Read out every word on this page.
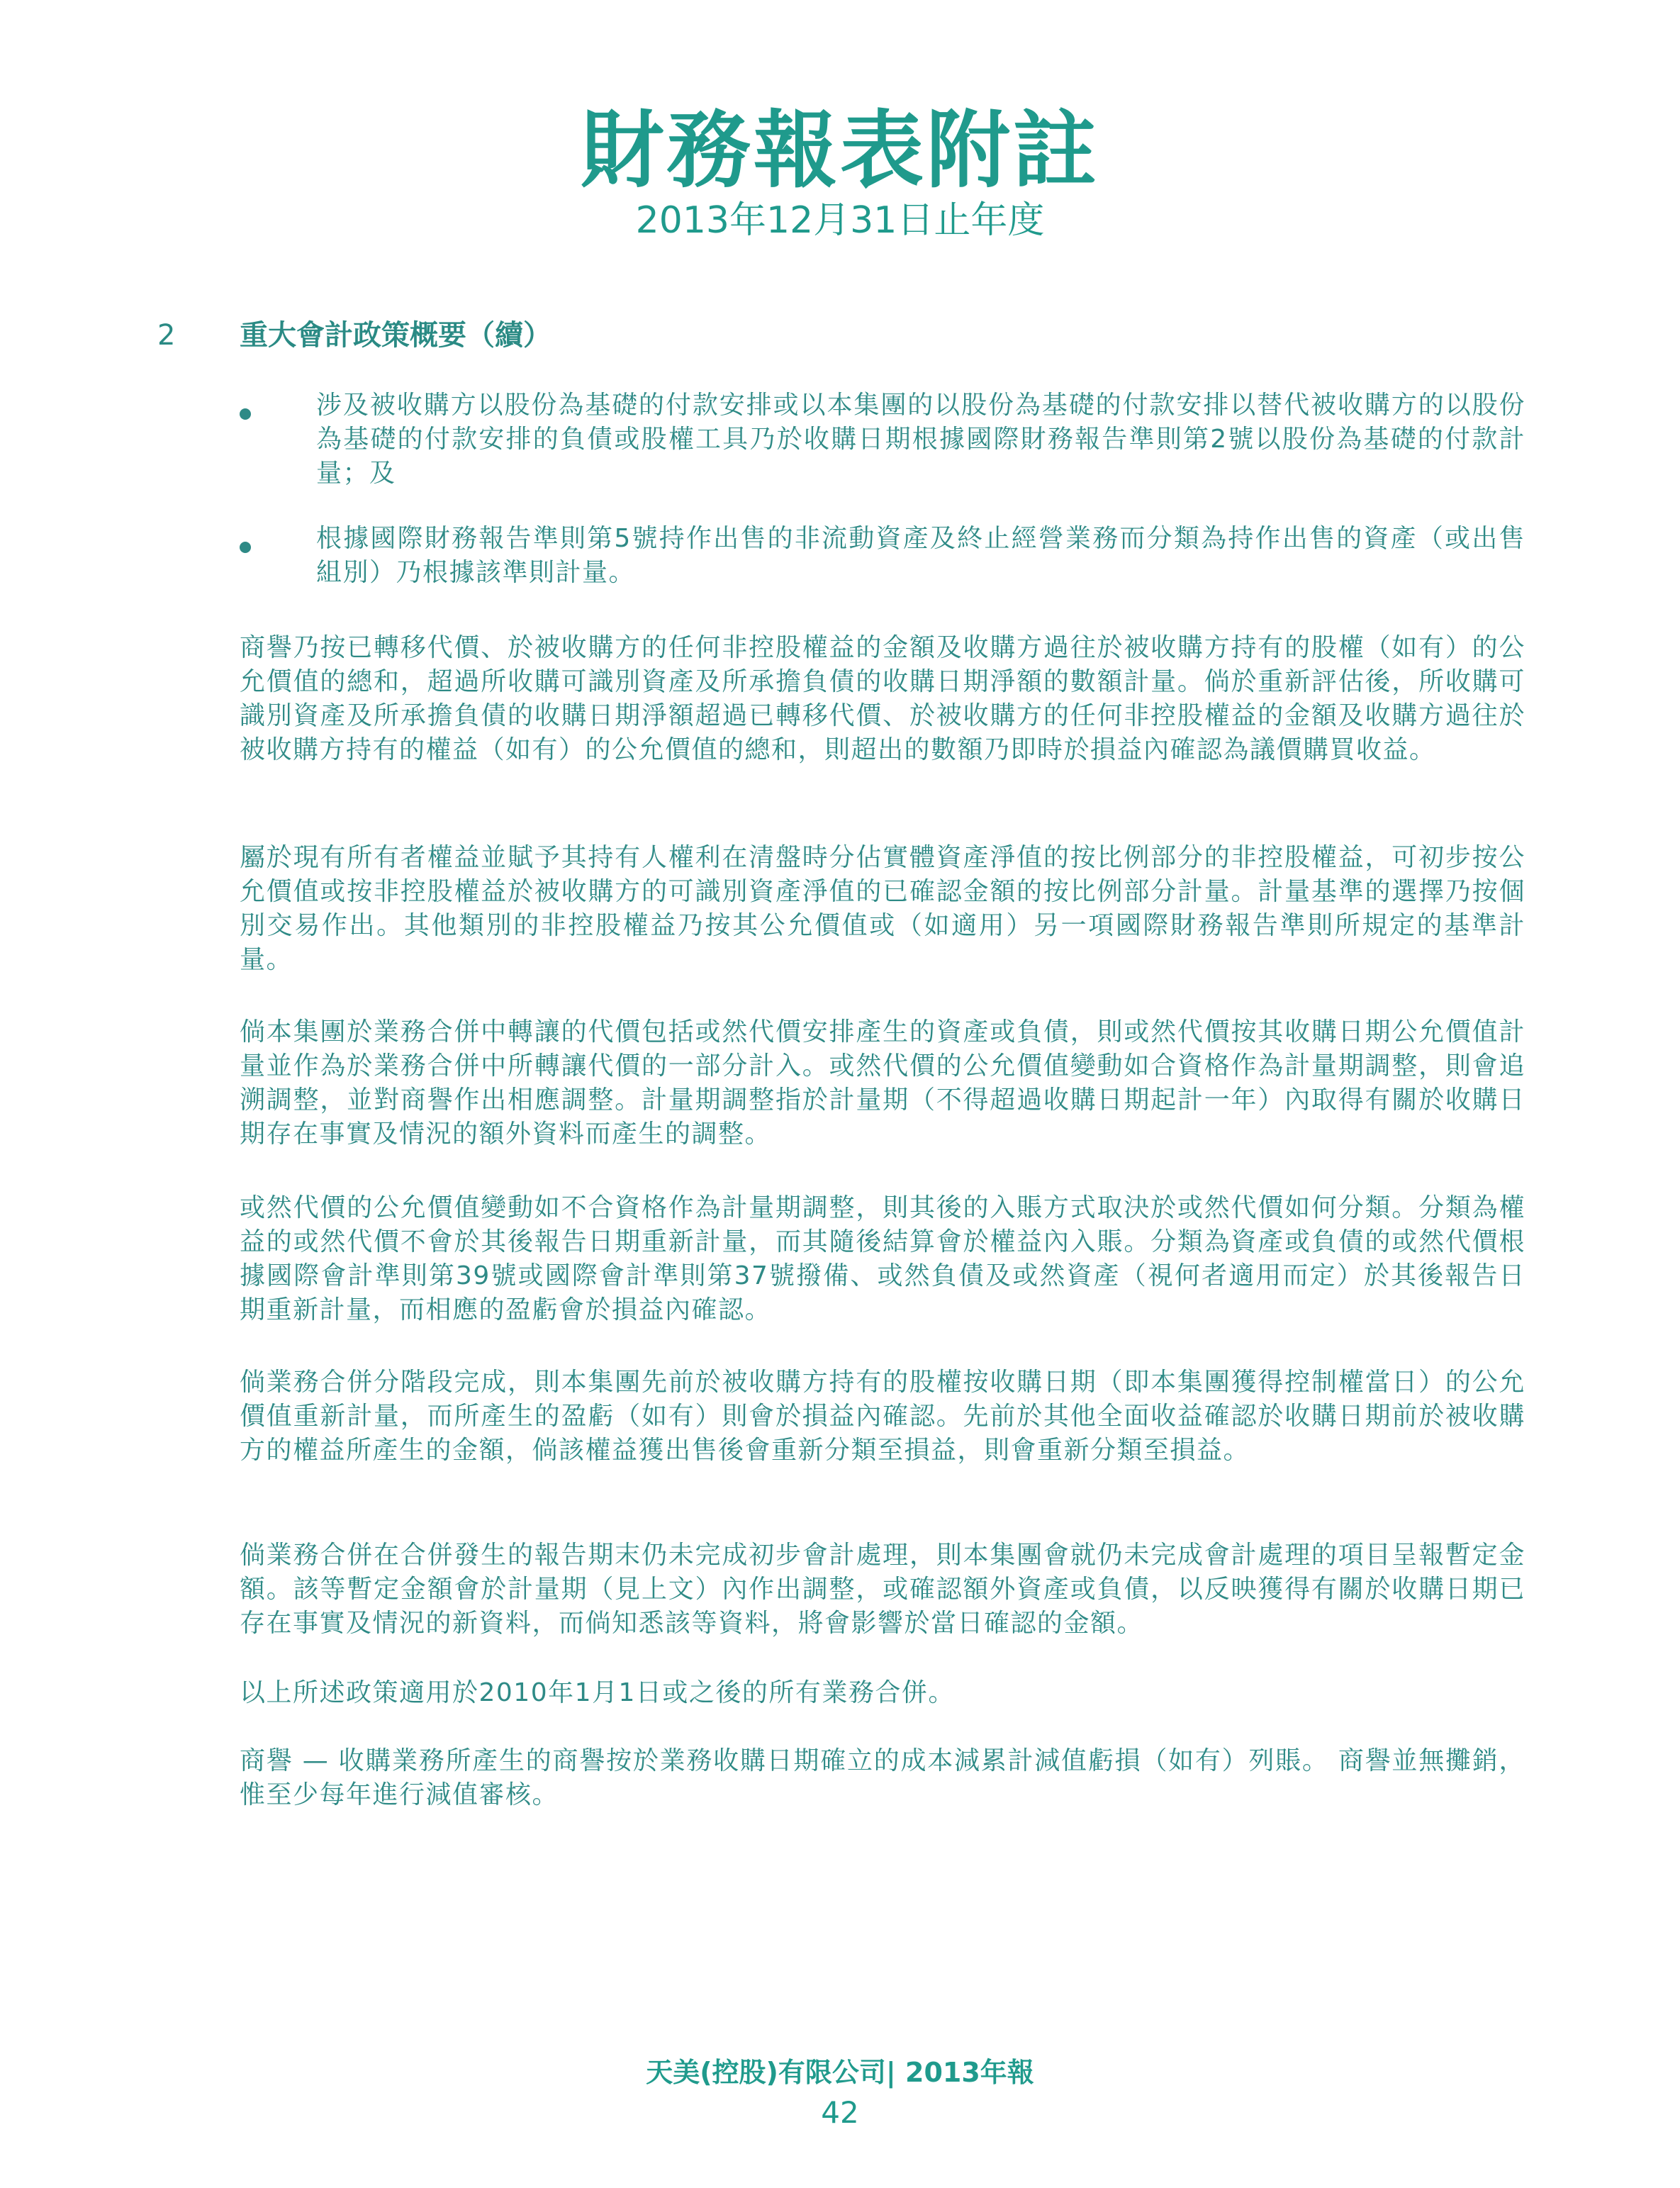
財務報表附註
2013年12月31日止年度
2 重大會計政策概要（續）
涉及被收購方以股份為基礎的付款安排或以本集團的以股份為基礎的付款安排以替代被收購方的以股份為基礎的付款安排的負債或股權工具乃於收購日期根據國際財務報告準則第2號以股份為基礎的付款計量；及
根據國際財務報告準則第5號持作出售的非流動資產及終止經營業務而分類為持作出售的資產（或出售組別）乃根據該準則計量。
商譽乃按已轉移代價、於被收購方的任何非控股權益的金額及收購方過往於被收購方持有的股權（如有）的公允價值的總和，超過所收購可識別資產及所承擔負債的收購日期淨額的數額計量。倘於重新評估後，所收購可識別資產及所承擔負債的收購日期淨額超過已轉移代價、於被收購方的任何非控股權益的金額及收購方過往於被收購方持有的權益（如有）的公允價值的總和，則超出的數額乃即時於損益內確認為議價購買收益。
屬於現有所有者權益並賦予其持有人權利在清盤時分佔實體資產淨值的按比例部分的非控股權益，可初步按公允價值或按非控股權益於被收購方的可識別資產淨值的已確認金額的按比例部分計量。計量基準的選擇乃按個別交易作出。其他類別的非控股權益乃按其公允價值或（如適用）另一項國際財務報告準則所規定的基準計量。
倘本集團於業務合併中轉讓的代價包括或然代價安排產生的資產或負債，則或然代價按其收購日期公允價值計量並作為於業務合併中所轉讓代價的一部分計入。或然代價的公允價值變動如合資格作為計量期調整，則會追溯調整，並對商譽作出相應調整。計量期調整指於計量期（不得超過收購日期起計一年）內取得有關於收購日期存在事實及情況的額外資料而產生的調整。
或然代價的公允價值變動如不合資格作為計量期調整，則其後的入賬方式取決於或然代價如何分類。分類為權益的或然代價不會於其後報告日期重新計量，而其隨後結算會於權益內入賬。分類為資產或負債的或然代價根據國際會計準則第39號或國際會計準則第37號撥備、或然負債及或然資產（視何者適用而定）於其後報告日期重新計量，而相應的盈虧會於損益內確認。
倘業務合併分階段完成，則本集團先前於被收購方持有的股權按收購日期（即本集團獲得控制權當日）的公允價值重新計量，而所產生的盈虧（如有）則會於損益內確認。先前於其他全面收益確認於收購日期前於被收購方的權益所產生的金額，倘該權益獲出售後會重新分類至損益，則會重新分類至損益。
倘業務合併在合併發生的報告期末仍未完成初步會計處理，則本集團會就仍未完成會計處理的項目呈報暫定金額。該等暫定金額會於計量期（見上文）內作出調整，或確認額外資產或負債，以反映獲得有關於收購日期已存在事實及情況的新資料，而倘知悉該等資料，將會影響於當日確認的金額。
以上所述政策適用於2010年1月1日或之後的所有業務合併。
商譽 — 收購業務所產生的商譽按於業務收購日期確立的成本減累計減值虧損（如有）列賬。 商譽並無攤銷，惟至少每年進行減值審核。
天美(控股)有限公司| 2013年報
42
